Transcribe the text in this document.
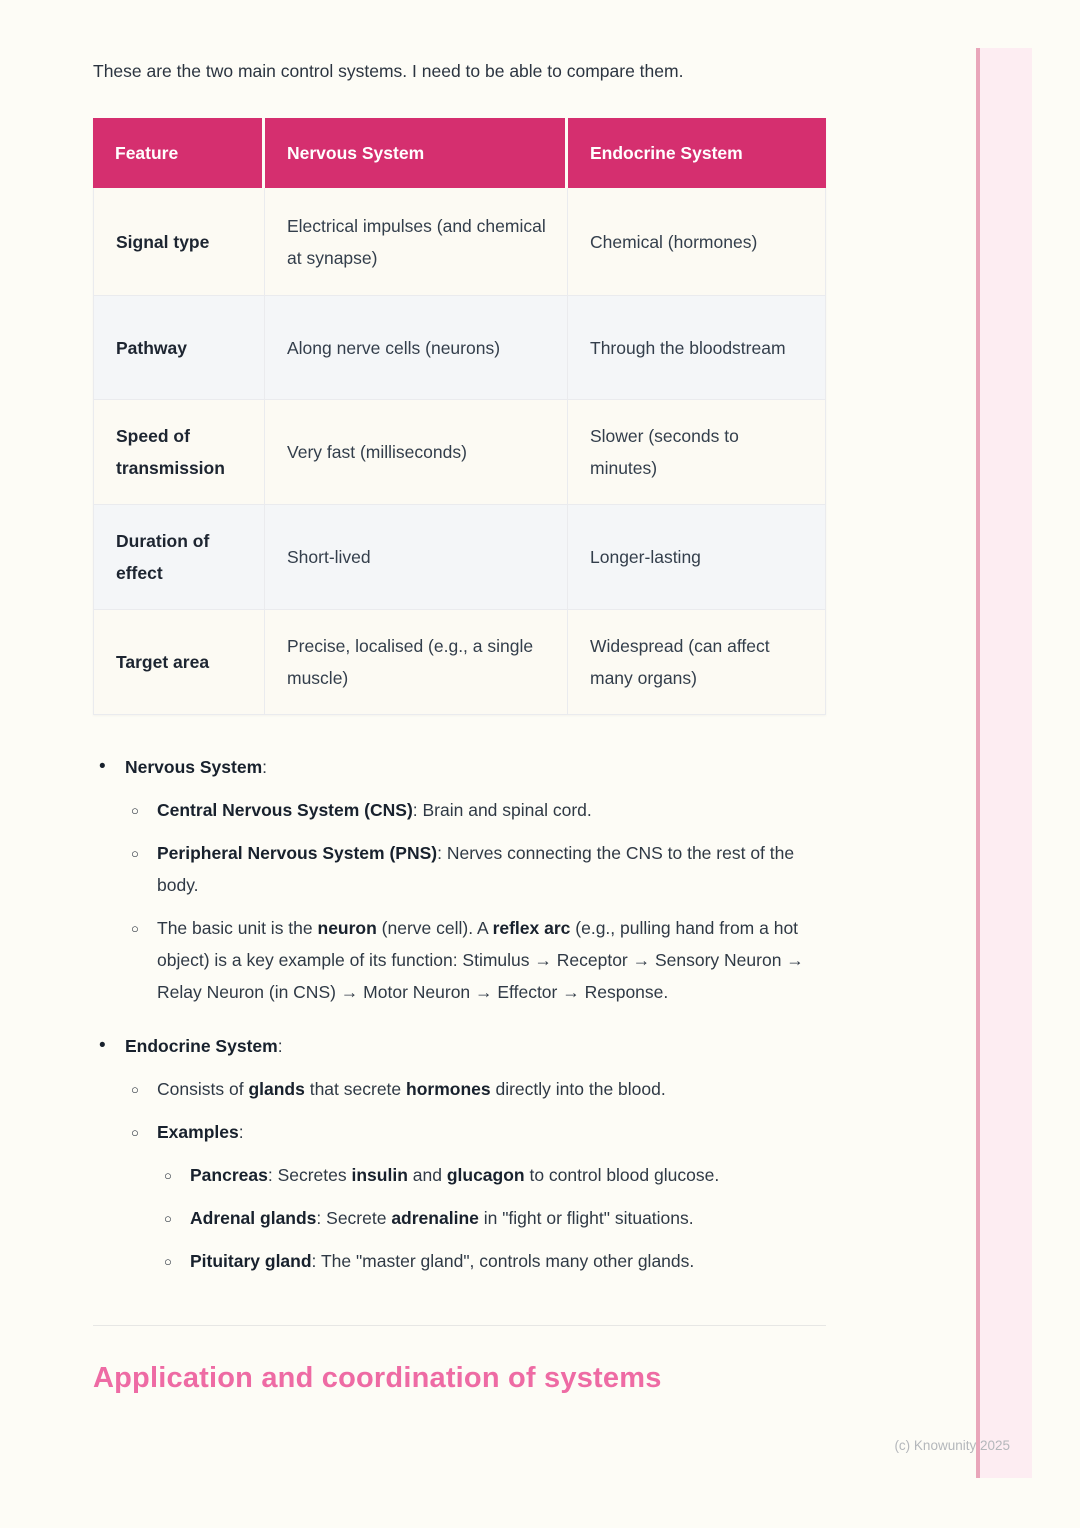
These are the two main control systems. I need to be able to compare them.

Feature	Nervous System	Endocrine System
Signal type	Electrical impulses (and chemical at synapse)	Chemical (hormones)
Pathway	Along nerve cells (neurons)	Through the bloodstream
Speed of transmission	Very fast (milliseconds)	Slower (seconds to minutes)
Duration of effect	Short-lived	Longer-lasting
Target area	Precise, localised (e.g., a single muscle)	Widespread (can affect many organs)
• Nervous System:
○ Central Nervous System (CNS): Brain and spinal cord.
○ Peripheral Nervous System (PNS): Nerves connecting the CNS to the rest of the body.
○ The basic unit is the neuron (nerve cell). A reflex arc (e.g., pulling hand from a hot object) is a key example of its function: Stimulus → Receptor → Sensory Neuron → Relay Neuron (in CNS) → Motor Neuron → Effector → Response.
• Endocrine System:
○ Consists of glands that secrete hormones directly into the blood.
○ Examples:
○ Pancreas: Secretes insulin and glucagon to control blood glucose.
○ Adrenal glands: Secrete adrenaline in "fight or flight" situations.
○ Pituitary gland: The "master gland", controls many other glands.
Application and coordination of systems
(c) Knowunity 2025
